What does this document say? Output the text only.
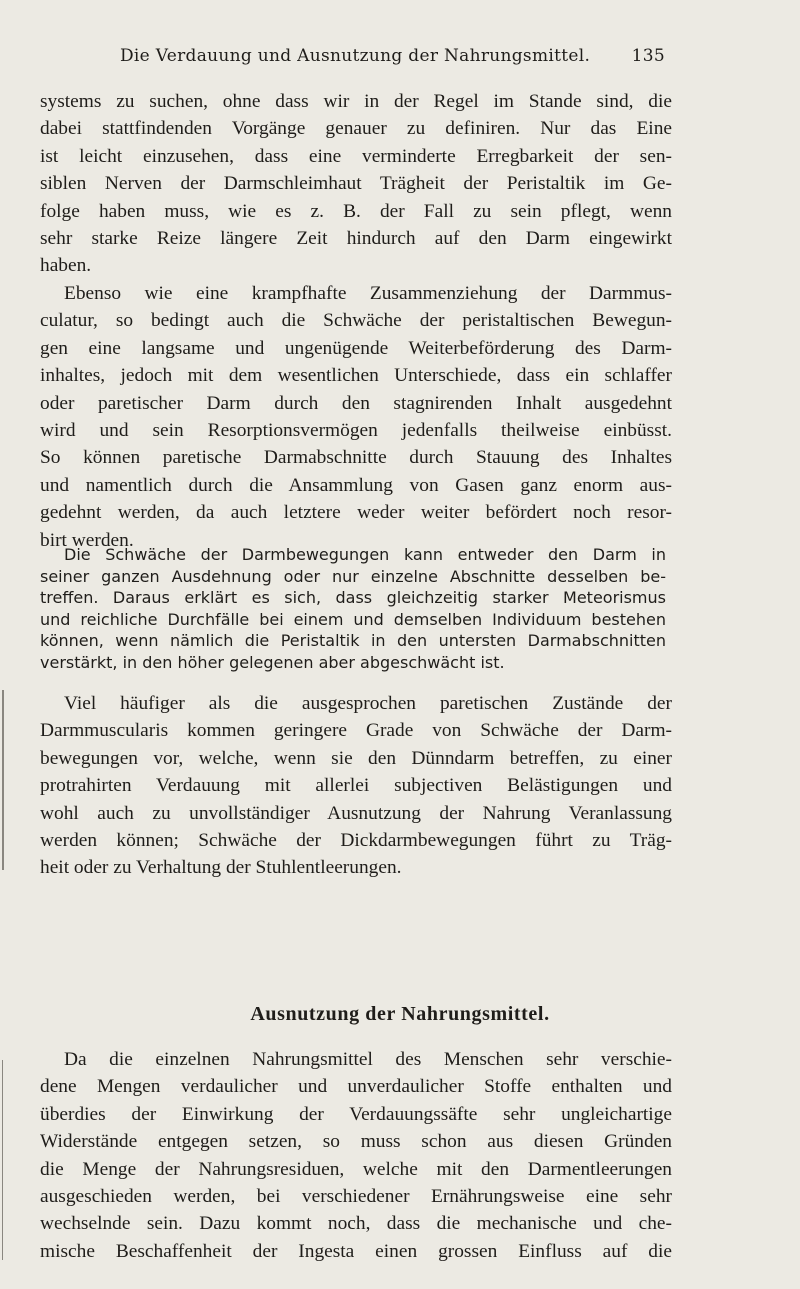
Die Verdauung und Ausnutzung der Nahrungsmittel. 135
systems zu suchen, ohne dass wir in der Regel im Stande sind, die
dabei stattfindenden Vorgänge genauer zu definiren. Nur das Eine
ist leicht einzusehen, dass eine verminderte Erregbarkeit der sen-
siblen Nerven der Darmschleimhaut Trägheit der Peristaltik im Ge-
folge haben muss, wie es z. B. der Fall zu sein pflegt, wenn
sehr starke Reize längere Zeit hindurch auf den Darm eingewirkt
haben.
Ebenso wie eine krampfhafte Zusammenziehung der Darmmus-
culatur, so bedingt auch die Schwäche der peristaltischen Bewegun-
gen eine langsame und ungenügende Weiterbeförderung des Darm-
inhaltes, jedoch mit dem wesentlichen Unterschiede, dass ein schlaffer
oder paretischer Darm durch den stagnirenden Inhalt ausgedehnt
wird und sein Resorptionsvermögen jedenfalls theilweise einbüsst.
So können paretische Darmabschnitte durch Stauung des Inhaltes
und namentlich durch die Ansammlung von Gasen ganz enorm aus-
gedehnt werden, da auch letztere weder weiter befördert noch resor-
birt werden.
Die Schwäche der Darmbewegungen kann entweder den Darm in
seiner ganzen Ausdehnung oder nur einzelne Abschnitte desselben be-
treffen. Daraus erklärt es sich, dass gleichzeitig starker Meteorismus
und reichliche Durchfälle bei einem und demselben Individuum bestehen
können, wenn nämlich die Peristaltik in den untersten Darmabschnitten
verstärkt, in den höher gelegenen aber abgeschwächt ist.
Viel häufiger als die ausgesprochen paretischen Zustände der
Darmmuscularis kommen geringere Grade von Schwäche der Darm-
bewegungen vor, welche, wenn sie den Dünndarm betreffen, zu einer
protrahirten Verdauung mit allerlei subjectiven Belästigungen und
wohl auch zu unvollständiger Ausnutzung der Nahrung Veranlassung
werden können; Schwäche der Dickdarmbewegungen führt zu Träg-
heit oder zu Verhaltung der Stuhlentleerungen.
Ausnutzung der Nahrungsmittel.
Da die einzelnen Nahrungsmittel des Menschen sehr verschie-
dene Mengen verdaulicher und unverdaulicher Stoffe enthalten und
überdies der Einwirkung der Verdauungssäfte sehr ungleichartige
Widerstände entgegen setzen, so muss schon aus diesen Gründen
die Menge der Nahrungsresiduen, welche mit den Darmentleerungen
ausgeschieden werden, bei verschiedener Ernährungsweise eine sehr
wechselnde sein. Dazu kommt noch, dass die mechanische und che-
mische Beschaffenheit der Ingesta einen grossen Einfluss auf die
